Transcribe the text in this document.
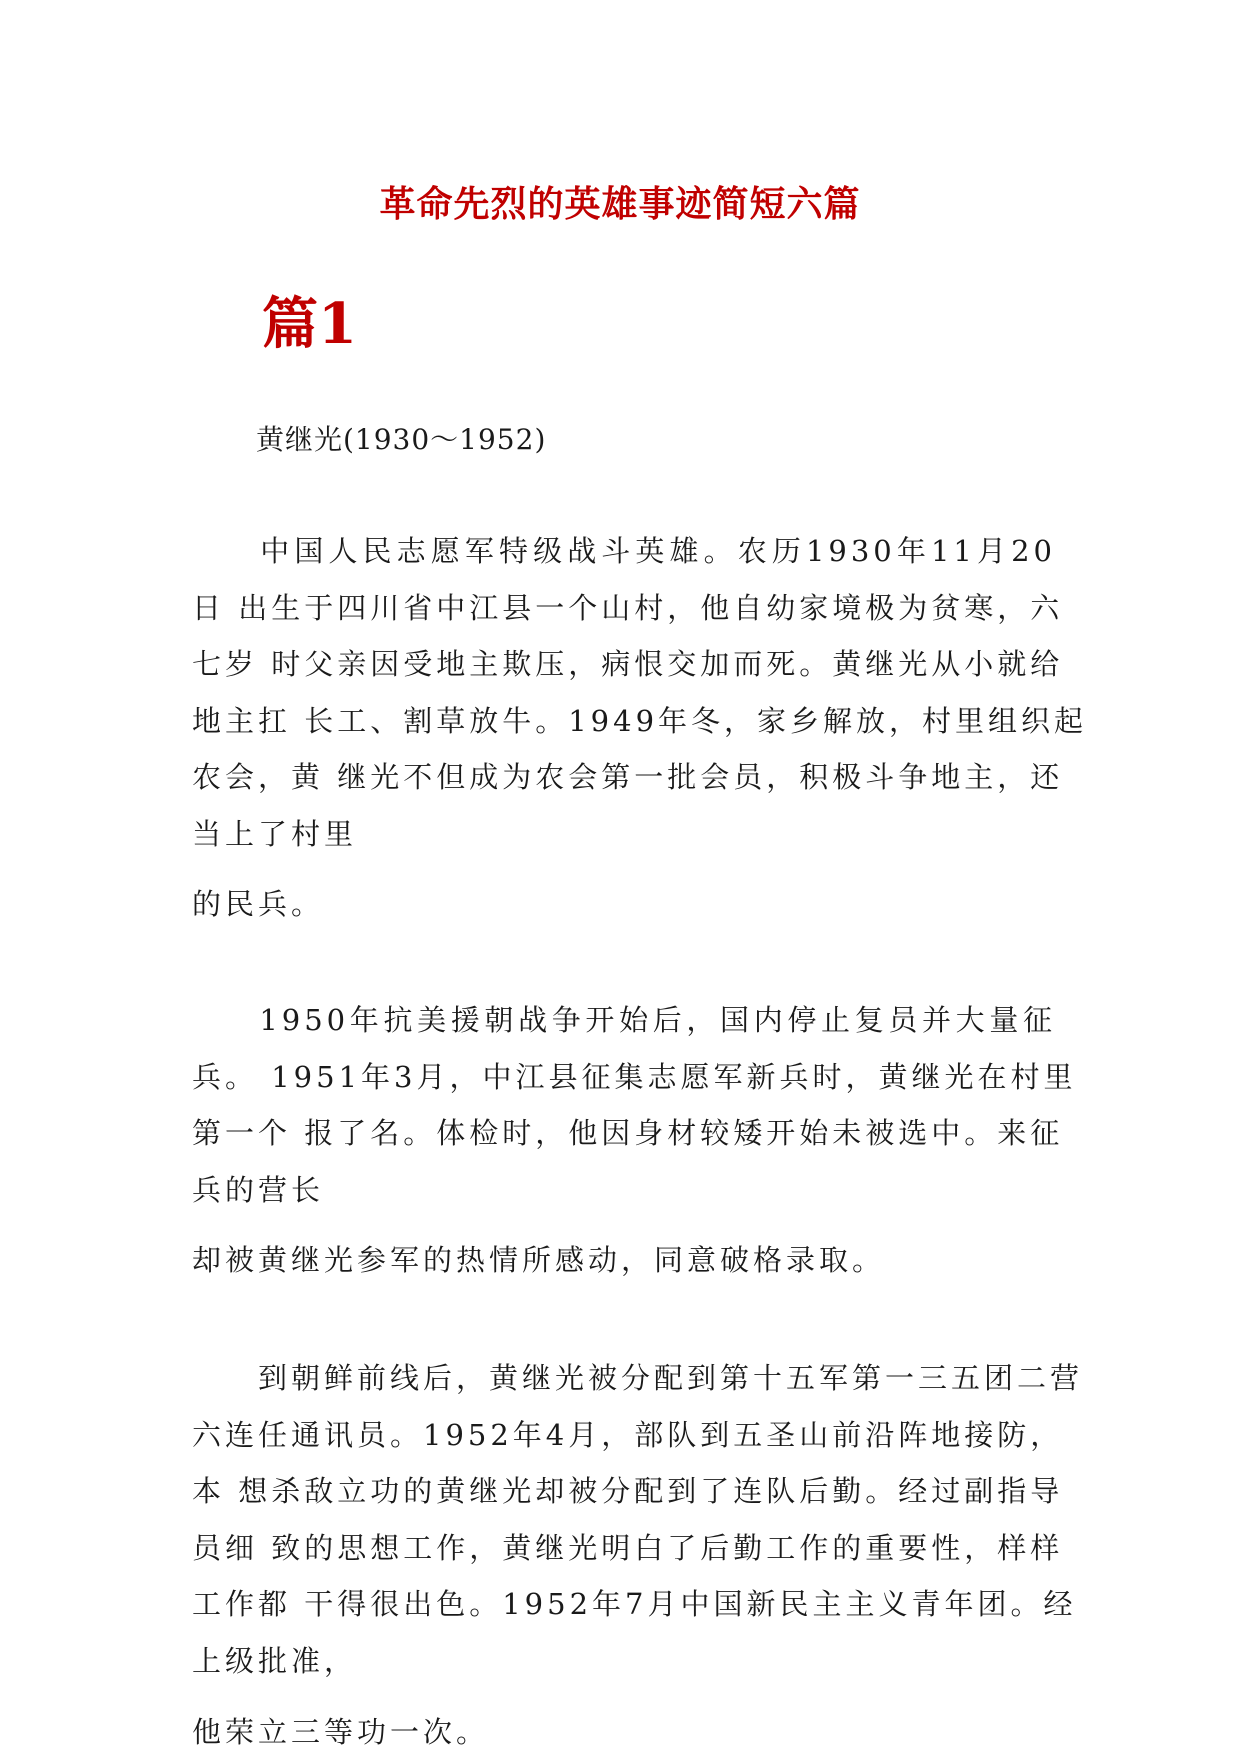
革命先烈的英雄事迹简短六篇
篇1
黄继光(1930～1952)
　　中国人民志愿军特级战斗英雄。农历1930年11月20
日 出生于四川省中江县一个山村，他自幼家境极为贫寒，六
七岁 时父亲因受地主欺压，病恨交加而死。黄继光从小就给
地主扛 长工、割草放牛。1949年冬，家乡解放，村里组织起
农会，黄 继光不但成为农会第一批会员，积极斗争地主，还
当上了村里
的民兵。
　　1950年抗美援朝战争开始后，国内停止复员并大量征
兵。 1951年3月，中江县征集志愿军新兵时，黄继光在村里
第一个 报了名。体检时，他因身材较矮开始未被选中。来征
兵的营长
却被黄继光参军的热情所感动，同意破格录取。
　　到朝鲜前线后，黄继光被分配到第十五军第一三五团二营
六连任通讯员。1952年4月，部队到五圣山前沿阵地接防，
本 想杀敌立功的黄继光却被分配到了连队后勤。经过副指导
员细 致的思想工作，黄继光明白了后勤工作的重要性，样样
工作都 干得很出色。1952年7月中国新民主主义青年团。经
上级批准，
他荣立三等功一次。
